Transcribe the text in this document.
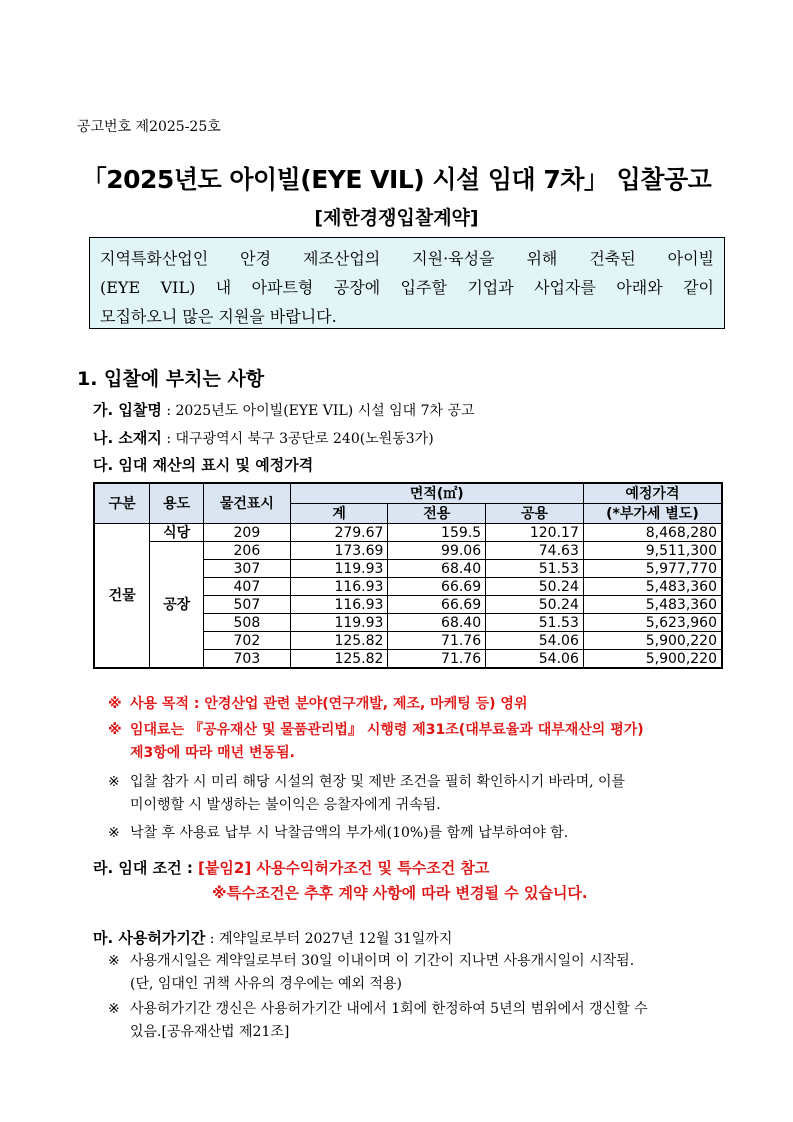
공고번호 제2025-25호
「2025년도 아이빌(EYE VIL) 시설 임대 7차」 입찰공고
[제한경쟁입찰계약]
지역특화산업인 안경 제조산업의 지원·육성을 위해 건축된 아이빌
(EYE VIL) 내 아파트형 공장에 입주할 기업과 사업자를 아래와 같이
모집하오니 많은 지원을 바랍니다.
1. 입찰에 부치는 사항
가. 입찰명 : 2025년도 아이빌(EYE VIL) 시설 임대 7차 공고
나. 소재지 : 대구광역시 북구 3공단로 240(노원동3가)
다. 임대 재산의 표시 및 예정가격
구분	용도	물건표시	면적(㎡)			예정가격
			계	전용	공용	(*부가세 별도)
건물	식당	209	279.67	159.5	120.17	8,468,280
	공장	206	173.69	99.06	74.63	9,511,300
		307	119.93	68.40	51.53	5,977,770
		407	116.93	66.69	50.24	5,483,360
		507	116.93	66.69	50.24	5,483,360
		508	119.93	68.40	51.53	5,623,960
		702	125.82	71.76	54.06	5,900,220
		703	125.82	71.76	54.06	5,900,220
※ 사용 목적 : 안경산업 관련 분야(연구개발, 제조, 마케팅 등) 영위
※ 임대료는 『공유재산 및 물품관리법』 시행령 제31조(대부료율과 대부재산의 평가)
제3항에 따라 매년 변동됨.
※ 입찰 참가 시 미리 해당 시설의 현장 및 제반 조건을 필히 확인하시기 바라며, 이를
미이행할 시 발생하는 불이익은 응찰자에게 귀속됨.
※ 낙찰 후 사용료 납부 시 낙찰금액의 부가세(10%)를 함께 납부하여야 함.
라. 임대 조건 : [붙임2] 사용수익허가조건 및 특수조건 참고
※특수조건은 추후 계약 사항에 따라 변경될 수 있습니다.
마. 사용허가기간 : 계약일로부터 2027년 12월 31일까지
※ 사용개시일은 계약일로부터 30일 이내이며 이 기간이 지나면 사용개시일이 시작됨.
(단, 임대인 귀책 사유의 경우에는 예외 적용)
※ 사용허가기간 갱신은 사용허가기간 내에서 1회에 한정하여 5년의 범위에서 갱신할 수
있음.[공유재산법 제21조]
